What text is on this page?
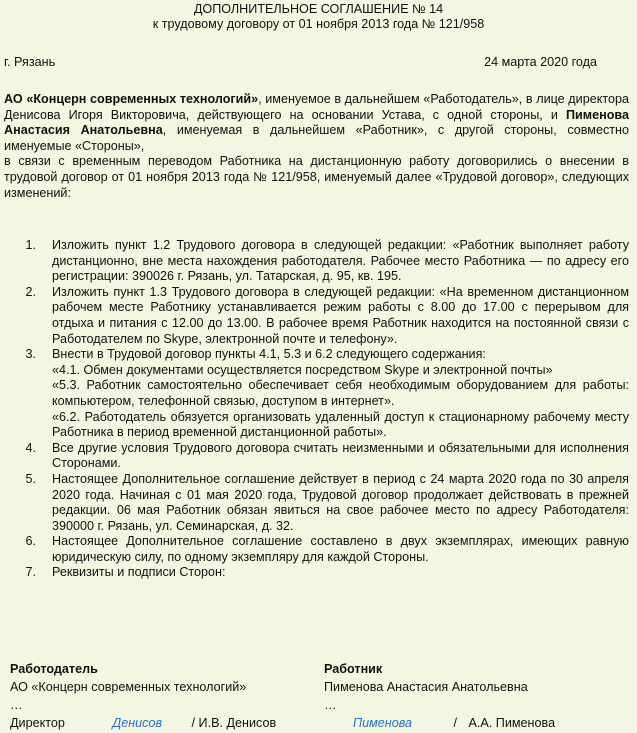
ДОПОЛНИТЕЛЬНОЕ СОГЛАШЕНИЕ № 14
к трудовому договору от 01 ноября 2013 года № 121/958
г. Рязань	24 марта 2020 года

АО «Концерн современных технологий», именуемое в дальнейшем «Работодатель», в лице директора Денисова Игоря Викторовича, действующего на основании Устава, с одной стороны, и Пименова Анастасия Анатольевна, именуемая в дальнейшем «Работник», с другой стороны, совместно именуемые «Стороны»,

в связи с временным переводом Работника на дистанционную работу договорились о внесении в трудовой договор от 01 ноября 2013 года № 121/958, именуемый далее «Трудовой договор», следующих изменений:

1.	Изложить пункт 1.2 Трудового договора в следующей редакции: «Работник выполняет работу дистанционно, вне места нахождения работодателя. Рабочее место Работника — по адресу его регистрации: 390026 г. Рязань, ул. Татарская, д. 95, кв. 195.

2.	Изложить пункт 1.3 Трудового договора в следующей редакции: «На временном дистанционном рабочем месте Работнику устанавливается режим работы с 8.00 до 17.00 с перерывом для отдыха и питания с 12.00 до 13.00. В рабочее время Работник находится на постоянной связи с Работодателем по Skype, электронной почте и телефону».

3.	Внести в Трудовой договор пункты 4.1, 5.3 и 6.2 следующего содержания:

«4.1. Обмен документами осуществляется посредством Skype и электронной почты»

«5.3. Работник самостоятельно обеспечивает себя необходимым оборудованием для работы: компьютером, телефонной связью, доступом в интернет».

«6.2. Работодатель обязуется организовать удаленный доступ к стационарному рабочему месту Работника в период временной дистанционной работы».

4.	Все другие условия Трудового договора считать неизменными и обязательными для исполнения Сторонами.

5.	Настоящее Дополнительное соглашение действует в период с 24 марта 2020 года по 30 апреля 2020 года. Начиная с 01 мая 2020 года, Трудовой договор продолжает действовать в прежней редакции. 06 мая Работник обязан явиться на свое рабочее место по адресу Работодателя: 390000 г. Рязань, ул. Семинарская, д. 32.

6.	Настоящее Дополнительное соглашение составлено в двух экземплярах, имеющих равную юридическую силу, по одному экземпляру для каждой Стороны.

7.	Реквизиты и подписи Сторон:

Работодатель
АО «Концерн современных технологий»
…
Директор	Денисов / И.В. Денисов
Работник
Пименова Анастасия Анатольевна
…
Пименова	/ А.А. Пименова
